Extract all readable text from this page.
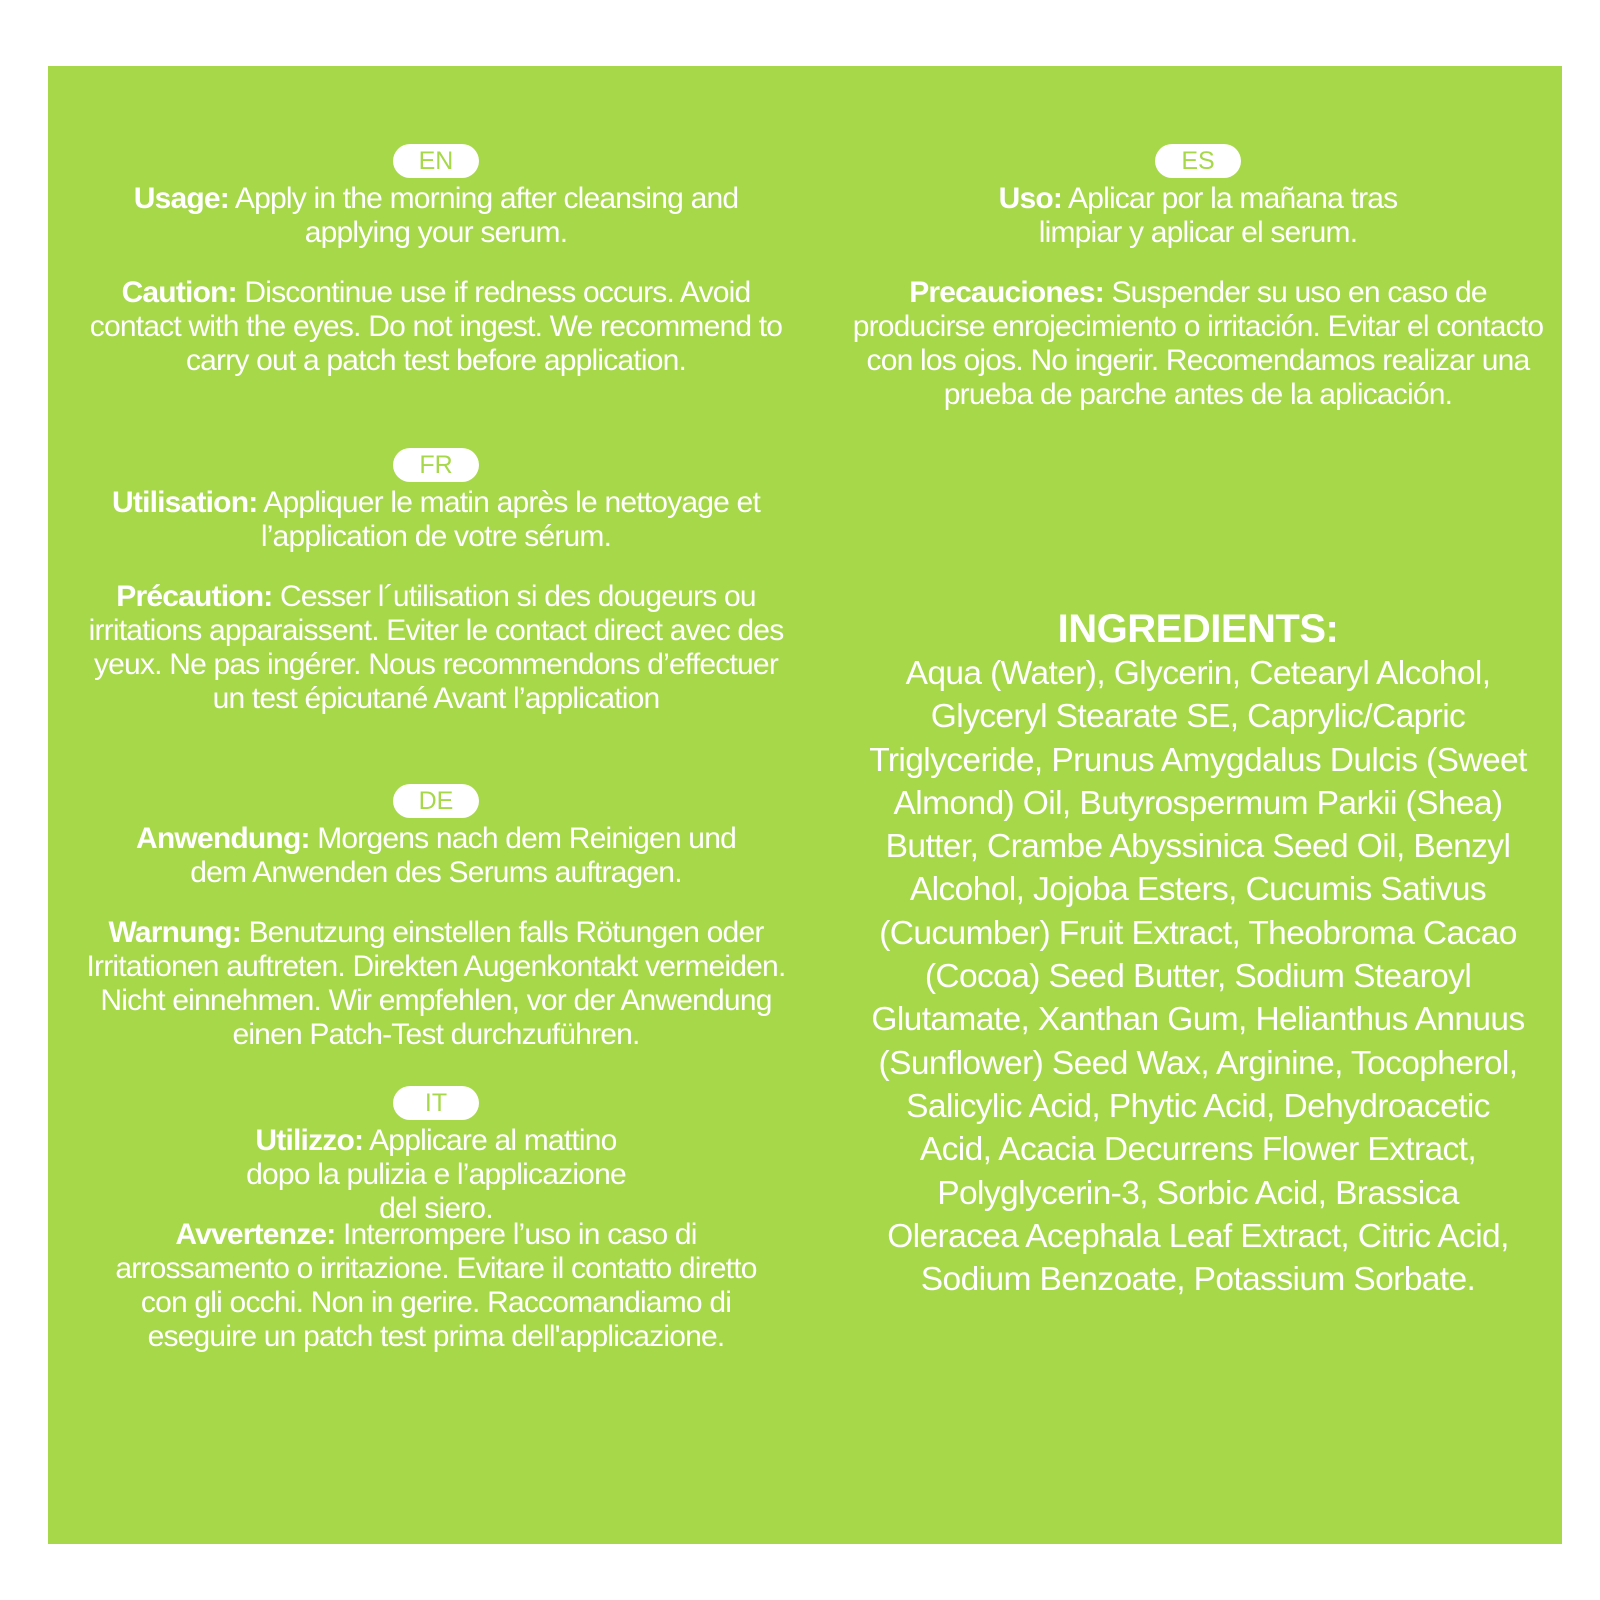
EN

Usage: Apply in the morning after cleansing and applying your serum.

Caution: Discontinue use if redness occurs. Avoid contact with the eyes. Do not ingest. We recommend to carry out a patch test before application.

FR

Utilisation: Appliquer le matin après le nettoyage et l’application de votre sérum.

Précaution: Cesser l´utilisation si des dougeurs ou irritations apparaissent. Eviter le contact direct avec des yeux. Ne pas ingérer. Nous recommendons d’effectuer un test épicutané Avant l’application

DE

Anwendung: Morgens nach dem Reinigen und dem Anwenden des Serums auftragen.

Warnung: Benutzung einstellen falls Rötungen oder Irritationen auftreten. Direkten Augenkontakt vermeiden. Nicht einnehmen. Wir empfehlen, vor der Anwendung einen Patch-Test durchzuführen.

IT

Utilizzo: Applicare al mattino dopo la pulizia e l’applicazione del siero.

Avvertenze: Interrompere l’uso in caso di arrossamento o irritazione. Evitare il contatto diretto con gli occhi. Non in gerire. Raccomandiamo di eseguire un patch test prima dell'applicazione.

ES

Uso: Aplicar por la mañana tras limpiar y aplicar el serum.

Precauciones: Suspender su uso en caso de producirse enrojecimiento o irritación. Evitar el contacto con los ojos. No ingerir. Recomendamos realizar una prueba de parche antes de la aplicación.

INGREDIENTS:

Aqua (Water), Glycerin, Cetearyl Alcohol, Glyceryl Stearate SE, Caprylic/Capric Triglyceride, Prunus Amygdalus Dulcis (Sweet Almond) Oil, Butyrospermum Parkii (Shea) Butter, Crambe Abyssinica Seed Oil, Benzyl Alcohol, Jojoba Esters, Cucumis Sativus (Cucumber) Fruit Extract, Theobroma Cacao (Cocoa) Seed Butter, Sodium Stearoyl Glutamate, Xanthan Gum, Helianthus Annuus (Sunflower) Seed Wax, Arginine, Tocopherol, Salicylic Acid, Phytic Acid, Dehydroacetic Acid, Acacia Decurrens Flower Extract, Polyglycerin-3, Sorbic Acid, Brassica Oleracea Acephala Leaf Extract, Citric Acid, Sodium Benzoate, Potassium Sorbate.
